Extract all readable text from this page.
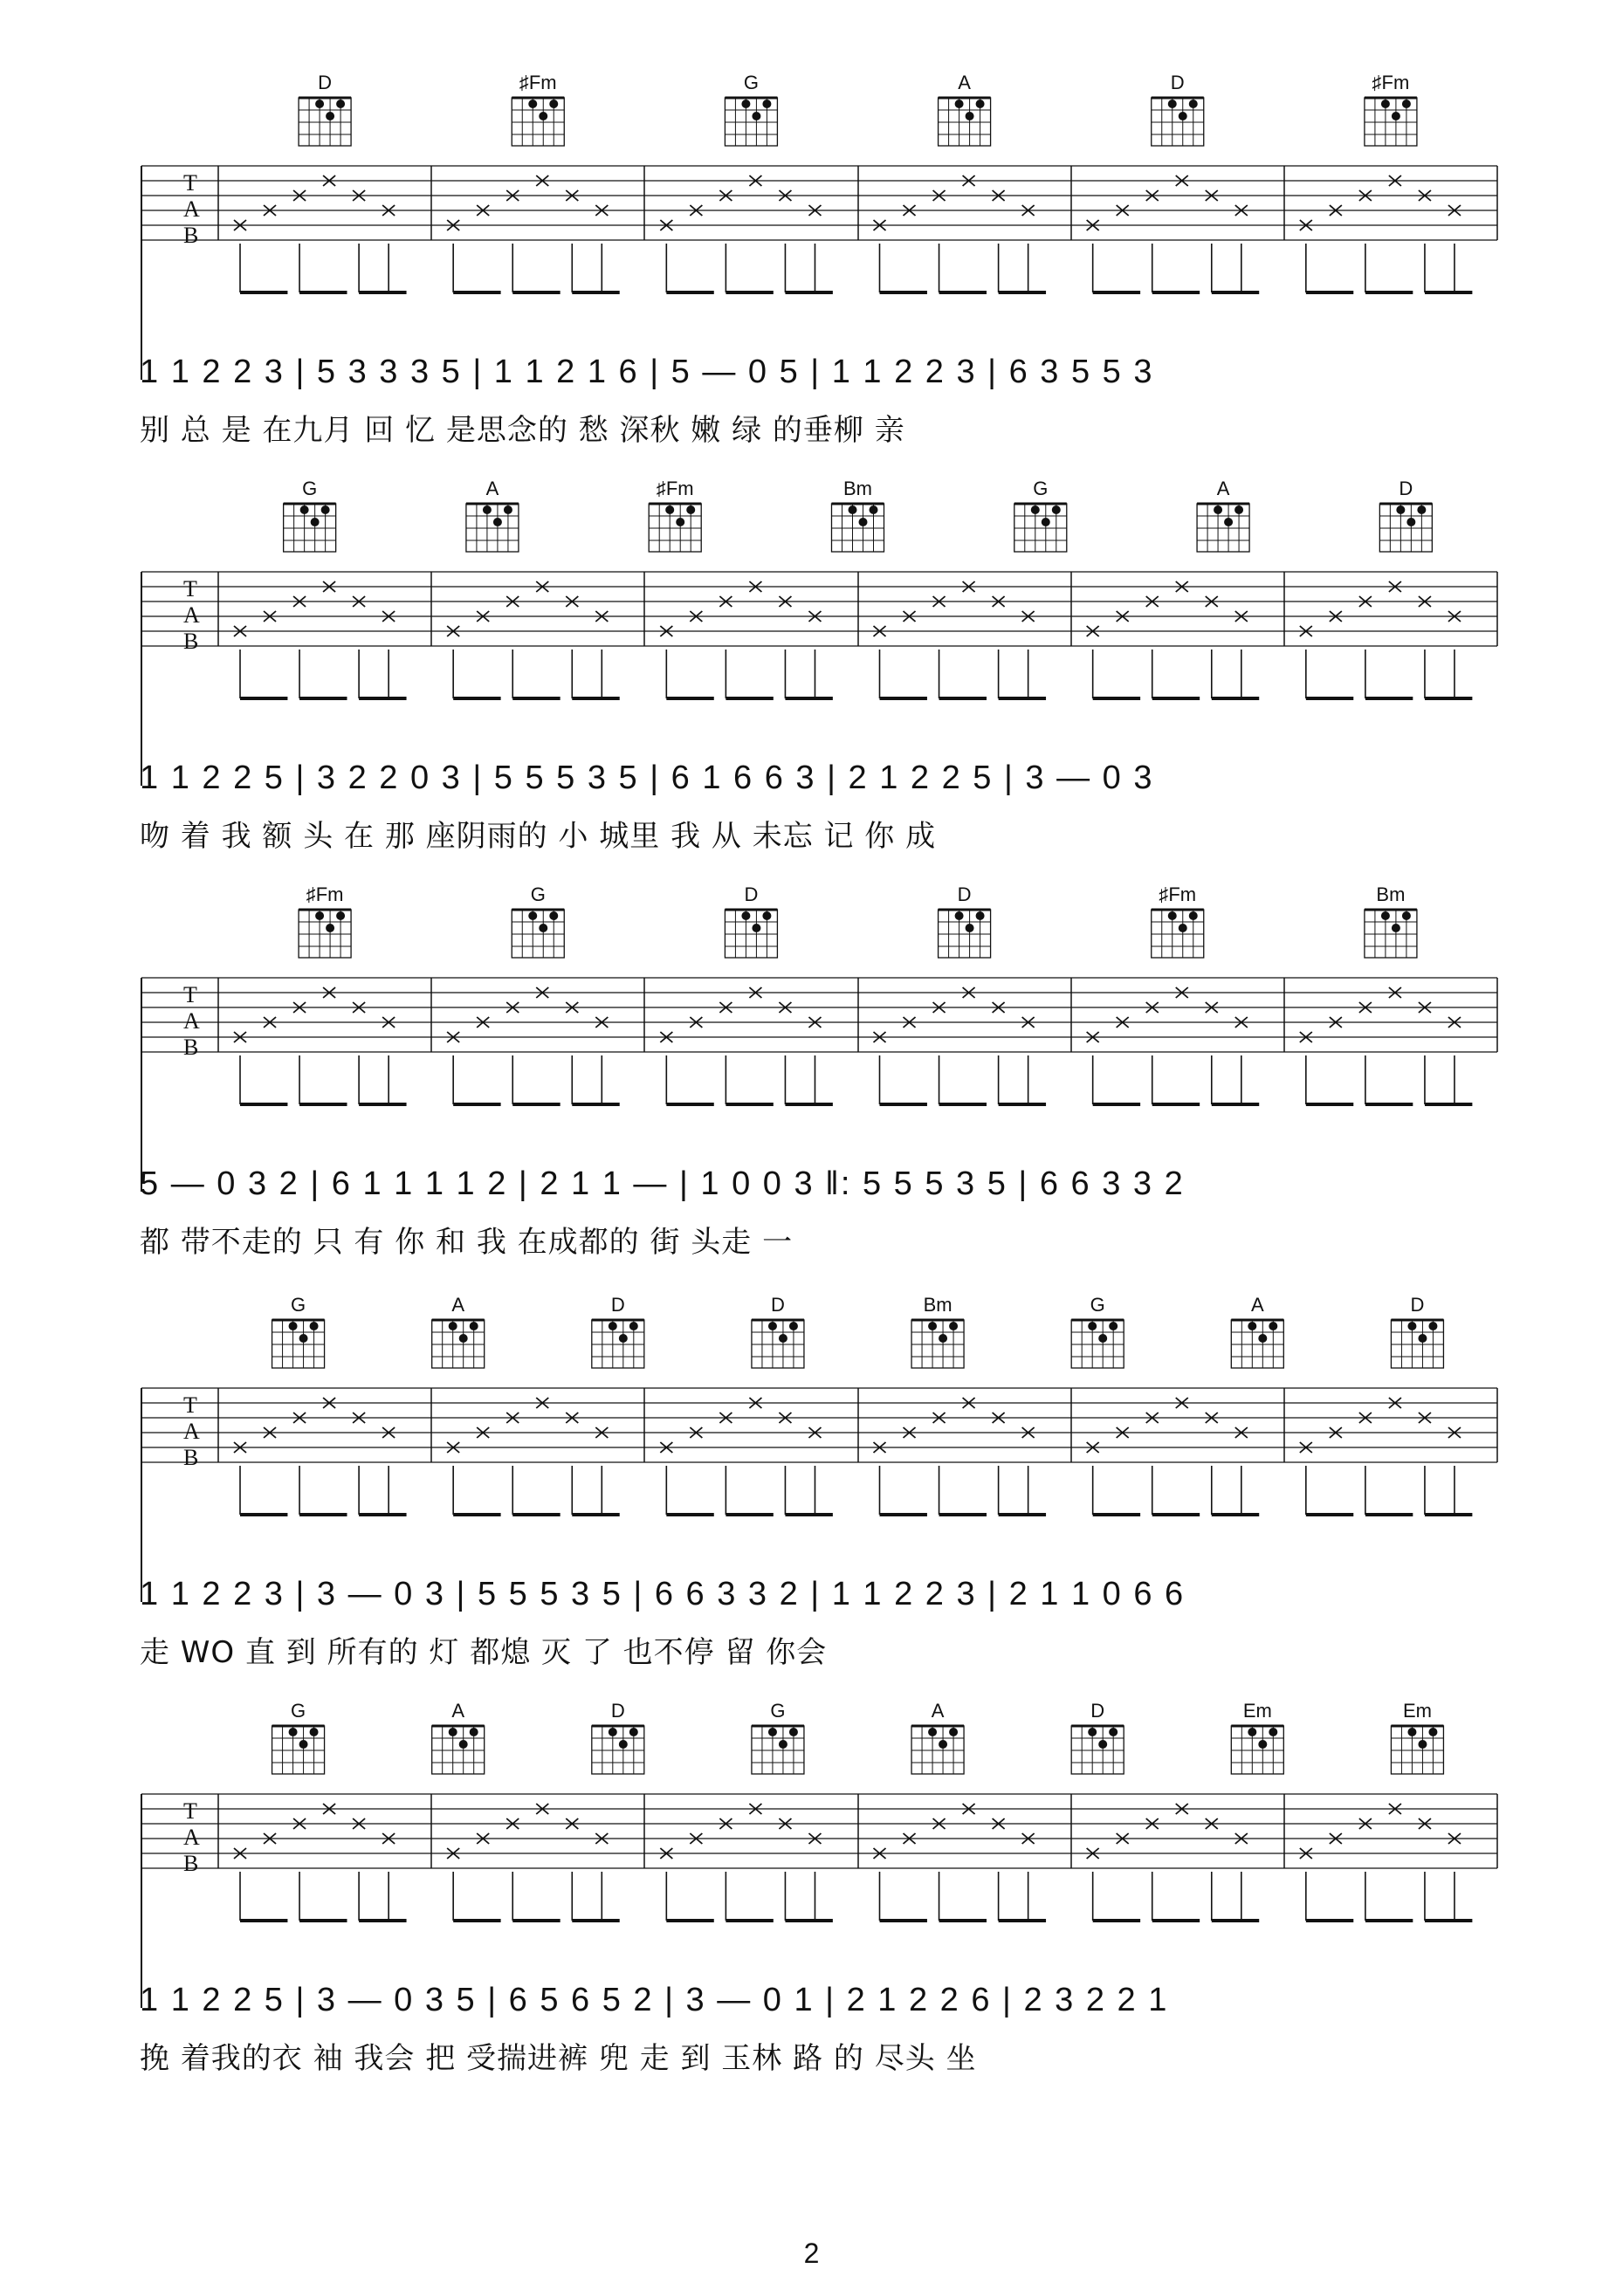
T
A
B
D	♯Fm	G	A	D	♯Fm
1 1 2 2 3 | 5 3 3 3 5 | 1 1 2 1 6 | 5 — 0 5 | 1 1 2 2 3 | 6 3 5 5 3
别 总 是 在九月 回 忆 是思念的 愁 深秋 嫩 绿 的垂柳 亲
T
A
B
G	A	♯Fm	Bm	G	A	D
1 1 2 2 5 | 3 2 2 0 3 | 5 5 5 3 5 | 6 1 6 6 3 | 2 1 2 2 5 | 3 — 0 3
吻 着 我 额 头 在 那 座阴雨的 小 城里 我 从 未忘 记 你 成
T
A
B
♯Fm	G	D	D	♯Fm	Bm
5 — 0 3 2 | 6 1 1 1 1 2 | 2 1 1 — | 1 0 0 3 ‖: 5 5 5 3 5 | 6 6 3 3 2
都 带不走的 只 有 你 和 我 在成都的 街 头走 一
T
A
B
G	A	D	D	Bm	G	A	D
1 1 2 2 3 | 3 — 0 3 | 5 5 5 3 5 | 6 6 3 3 2 | 1 1 2 2 3 | 2 1 1 0 6 6
走 WO 直 到 所有的 灯 都熄 灭 了 也不停 留 你会
T
A
B
G	A	D	G	A	D	Em	Em
1 1 2 2 5 | 3 — 0 3 5 | 6 5 6 5 2 | 3 — 0 1 | 2 1 2 2 6 | 2 3 2 2 1
挽 着我的衣 袖 我会 把 受揣进裤 兜 走 到 玉林 路 的 尽头 坐
2
